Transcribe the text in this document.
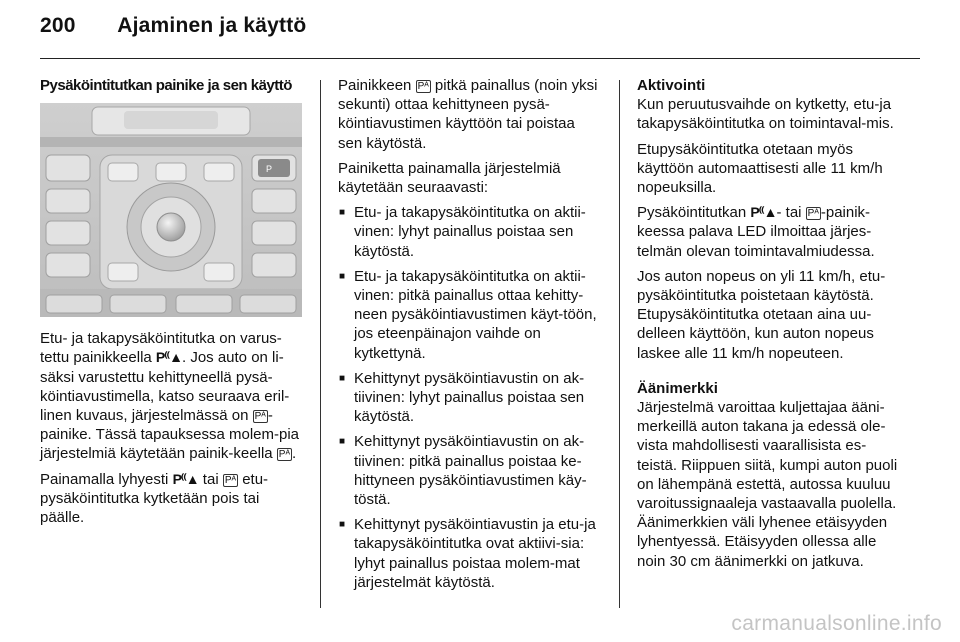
200 Ajaminen ja käyttö

Pysäköintitutkan painike ja sen käyttö

P

Etu- ja takapysäköintitutka on varus-tettu painikkeella P⁽⁽▲. Jos auto on li-säksi varustettu kehittyneellä pysä-köintiavustimella, katso seuraava eril-linen kuvaus, järjestelmässä on Pᴬ -painike. Tässä tapauksessa molem-pia järjestelmiä käytetään painik-keella Pᴬ .

Painamalla lyhyesti P⁽⁽▲ tai Pᴬ etu-pysäköintitutka kytketään pois tai päälle.

Painikkeen Pᴬ pitkä painallus (noin yksi sekunti) ottaa kehittyneen pysä-köintiavustimen käyttöön tai poistaa sen käytöstä.

Painiketta painamalla järjestelmiä käytetään seuraavasti:

■ Etu- ja takapysäköintitutka on aktii-vinen: lyhyt painallus poistaa sen käytöstä.
■ Etu- ja takapysäköintitutka on aktii-vinen: pitkä painallus ottaa kehitty-neen pysäköintiavustimen käyt-töön, jos eteenpäinajon vaihde on kytkettynä.
■ Kehittynyt pysäköintiavustin on ak-tiivinen: lyhyt painallus poistaa sen käytöstä.
■ Kehittynyt pysäköintiavustin on ak-tiivinen: pitkä painallus poistaa ke-hittyneen pysäköintiavustimen käy-töstä.
■ Kehittynyt pysäköintiavustin ja etu-ja takapysäköintitutka ovat aktiivi-sia: lyhyt painallus poistaa molem-mat järjestelmät käytöstä.

Aktivointi

Kun peruutusvaihde on kytketty, etu-ja takapysäköintitutka on toimintaval-mis.

Etupysäköintitutka otetaan myös käyttöön automaattisesti alle 11 km/h nopeuksilla.

Pysäköintitutkan P⁽⁽▲- tai Pᴬ -painik-keessa palava LED ilmoittaa järjes-telmän olevan toimintavalmiudessa.

Jos auton nopeus on yli 11 km/h, etu-pysäköintitutka poistetaan käytöstä. Etupysäköintitutka otetaan aina uu-delleen käyttöön, kun auton nopeus laskee alle 11 km/h nopeuteen.

Äänimerkki

Järjestelmä varoittaa kuljettajaa ääni-merkeillä auton takana ja edessä ole-vista mahdollisesti vaarallisista es-teistä. Riippuen siitä, kumpi auton puoli on lähempänä estettä, autossa kuuluu varoitussignaaleja vastaavalla puolella. Äänimerkkien väli lyhenee etäisyyden lyhentyessä. Etäisyyden ollessa alle noin 30 cm äänimerkki on jatkuva.

carmanualsonline.info
